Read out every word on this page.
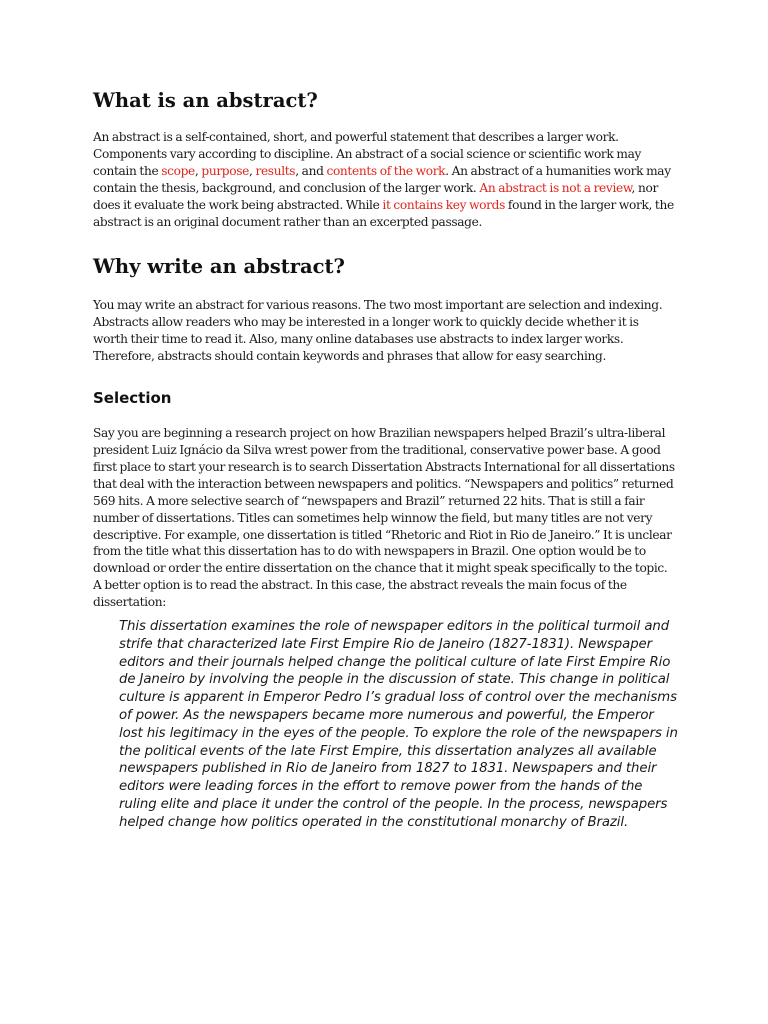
What is an abstract?

An abstract is a self-contained, short, and powerful statement that describes a larger work. Components vary according to discipline. An abstract of a social science or scientific work may contain the scope, purpose, results, and contents of the work. An abstract of a humanities work may contain the thesis, background, and conclusion of the larger work. An abstract is not a review, nor does it evaluate the work being abstracted. While it contains key words found in the larger work, the abstract is an original document rather than an excerpted passage.

Why write an abstract?

You may write an abstract for various reasons. The two most important are selection and indexing. Abstracts allow readers who may be interested in a longer work to quickly decide whether it is worth their time to read it. Also, many online databases use abstracts to index larger works. Therefore, abstracts should contain keywords and phrases that allow for easy searching.

Selection

Say you are beginning a research project on how Brazilian newspapers helped Brazil’s ultra-liberal president Luiz Ignácio da Silva wrest power from the traditional, conservative power base. A good first place to start your research is to search Dissertation Abstracts International for all dissertations that deal with the interaction between newspapers and politics. “Newspapers and politics” returned 569 hits. A more selective search of “newspapers and Brazil” returned 22 hits. That is still a fair number of dissertations. Titles can sometimes help winnow the field, but many titles are not very descriptive. For example, one dissertation is titled “Rhetoric and Riot in Rio de Janeiro.” It is unclear from the title what this dissertation has to do with newspapers in Brazil. One option would be to download or order the entire dissertation on the chance that it might speak specifically to the topic. A better option is to read the abstract. In this case, the abstract reveals the main focus of the dissertation:

This dissertation examines the role of newspaper editors in the political turmoil and strife that characterized late First Empire Rio de Janeiro (1827-1831). Newspaper editors and their journals helped change the political culture of late First Empire Rio de Janeiro by involving the people in the discussion of state. This change in political culture is apparent in Emperor Pedro I’s gradual loss of control over the mechanisms of power. As the newspapers became more numerous and powerful, the Emperor lost his legitimacy in the eyes of the people. To explore the role of the newspapers in the political events of the late First Empire, this dissertation analyzes all available newspapers published in Rio de Janeiro from 1827 to 1831. Newspapers and their editors were leading forces in the effort to remove power from the hands of the ruling elite and place it under the control of the people. In the process, newspapers helped change how politics operated in the constitutional monarchy of Brazil.
